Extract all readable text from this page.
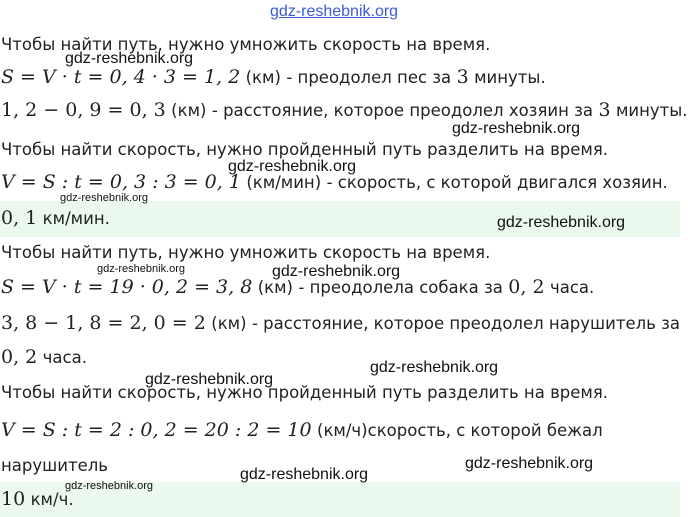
gdz-reshebnik.org
Чтобы найти путь, нужно умножить скорость на время.
S = V · t = 0, 4 · 3 = 1, 2 (км) - преодолел пес за 3 минуты.
1, 2 − 0, 9 = 0, 3 (км) - расстояние, которое преодолел хозяин за 3 минуты.
Чтобы найти скорость, нужно пройденный путь разделить на время.
V = S : t = 0, 3 : 3 = 0, 1 (км/мин) - скорость, с которой двигался хозяин.
0, 1 км/мин.
Чтобы найти путь, нужно умножить скорость на время.
S = V · t = 19 · 0, 2 = 3, 8 (км) - преодолела собака за 0, 2 часа.
3, 8 − 1, 8 = 2, 0 = 2 (км) - расстояние, которое преодолел нарушитель за
0, 2 часа.
Чтобы найти скорость, нужно пройденный путь разделить на время.
V = S : t = 2 : 0, 2 = 20 : 2 = 10 (км/ч)скорость, с которой бежал
нарушитель
10 км/ч.
gdz-reshebnik.org
gdz-reshebnik.org
gdz-reshebnik.org
gdz-reshebnik.org
gdz-reshebnik.org
gdz-reshebnik.org	gdz-reshebnik.org
gdz-reshebnik.org
gdz-reshebnik.org
gdz-reshebnik.org
gdz-reshebnik.org
gdz-reshebnik.org
